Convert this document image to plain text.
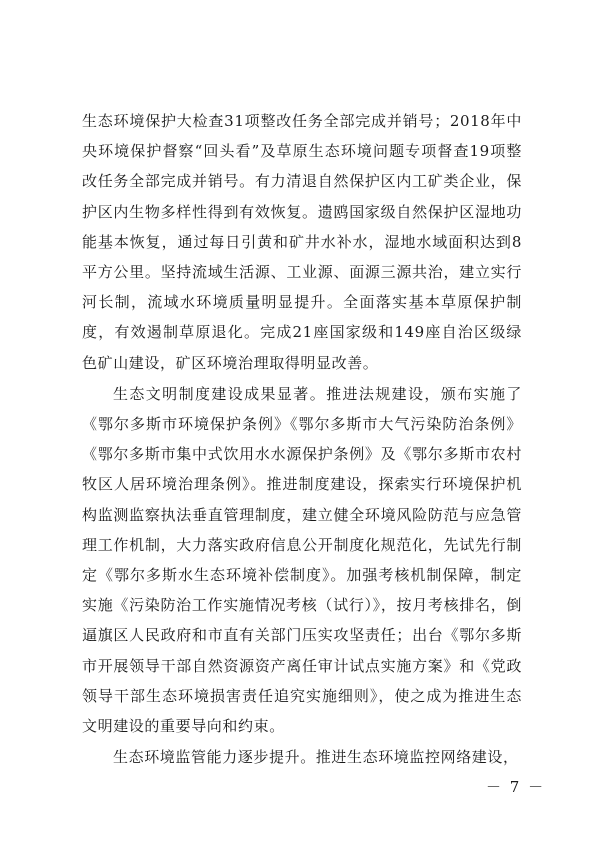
生态环境保护大检查31项整改任务全部完成并销号；2018年中央环境保护督察“回头看”及草原生态环境问题专项督查19项整改任务全部完成并销号。有力清退自然保护区内工矿类企业，保护区内生物多样性得到有效恢复。遗鸥国家级自然保护区湿地功能基本恢复，通过每日引黄和矿井水补水，湿地水域面积达到8平方公里。坚持流域生活源、工业源、面源三源共治，建立实行河长制，流域水环境质量明显提升。全面落实基本草原保护制度，有效遏制草原退化。完成21座国家级和149座自治区级绿色矿山建设，矿区环境治理取得明显改善。

生态文明制度建设成果显著。推进法规建设，颁布实施了《鄂尔多斯市环境保护条例》《鄂尔多斯市大气污染防治条例》《鄂尔多斯市集中式饮用水水源保护条例》及《鄂尔多斯市农村牧区人居环境治理条例》。推进制度建设，探索实行环境保护机构监测监察执法垂直管理制度，建立健全环境风险防范与应急管理工作机制，大力落实政府信息公开制度化规范化，先试先行制定《鄂尔多斯水生态环境补偿制度》。加强考核机制保障，制定实施《污染防治工作实施情况考核（试行）》，按月考核排名，倒逼旗区人民政府和市直有关部门压实攻坚责任；出台《鄂尔多斯市开展领导干部自然资源资产离任审计试点实施方案》和《党政领导干部生态环境损害责任追究实施细则》，使之成为推进生态文明建设的重要导向和约束。

生态环境监管能力逐步提升。推进生态环境监控网络建设，

－ 7 －
